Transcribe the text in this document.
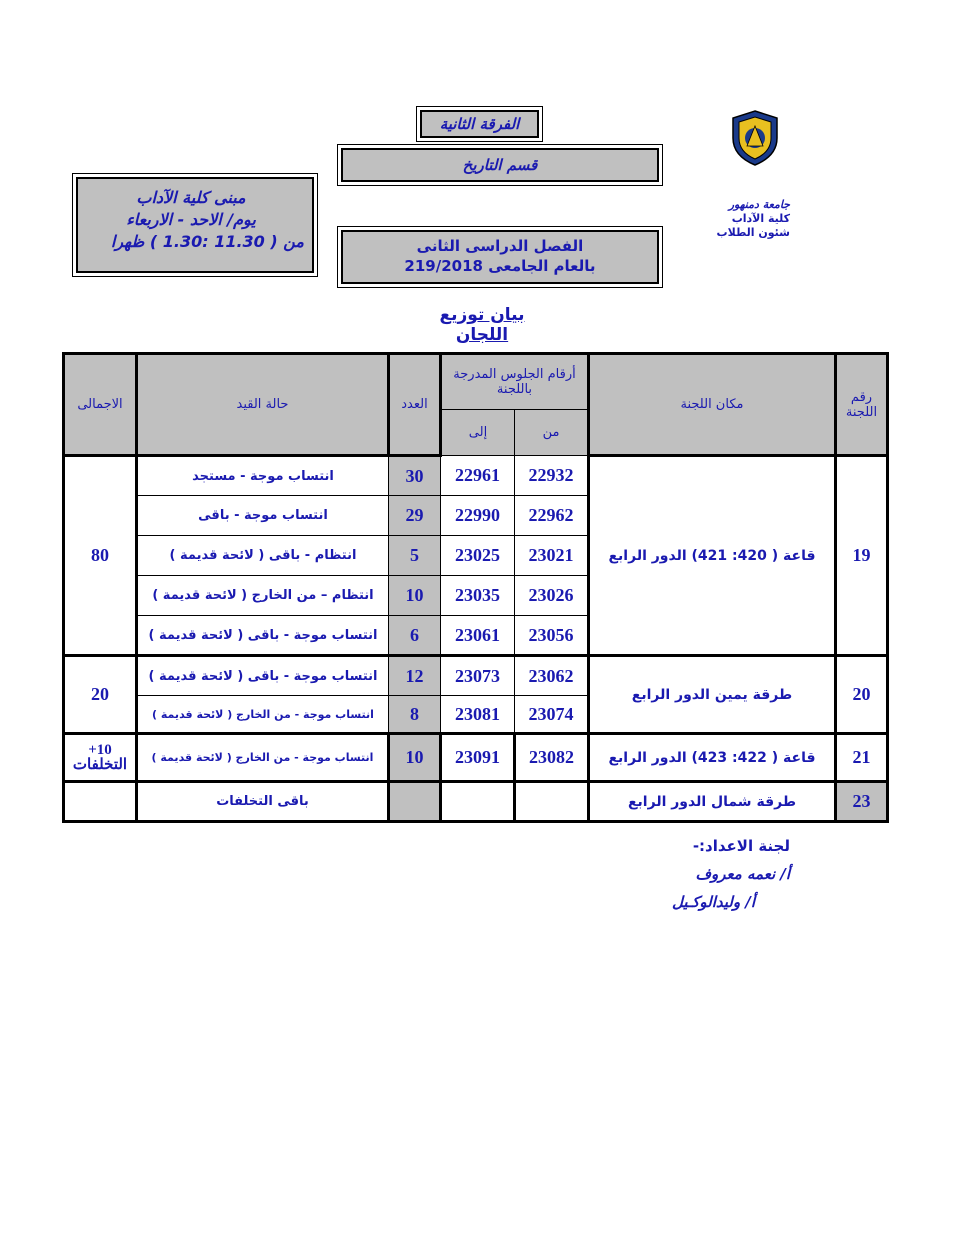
جامعة دمنهور
كلية الآداب
شئون الطلاب
الفرقة الثانية
قسم التاريخ
الفصل الدراسى الثانى
بالعام الجامعى 219/2018
مبنى كلية الآداب
يوم/ الاحد - الاربعاء
من ( 11.30 :1.30 ) ظهرا
بيان توزيع اللجان
رقم اللجنة	مكان اللجنة	أرقام الجلوس المدرجة باللجنة		العدد	حالة القيد	الاجمالى
		من	إلى			
19	قاعة ( 420: 421) الدور الرابع	22932	22961	30	انتساب موجة - مستجد	80
		22962	22990	29	انتساب موجة - باقى	
		23021	23025	5	انتظام - باقى ( لائحة قديمة )	
		23026	23035	10	انتظام – من الخارج ( لائحة قديمة )	
		23056	23061	6	انتساب موجة - باقى ( لائحة قديمة )	
20	طرقة يمين الدور الرابع	23062	23073	12	انتساب موجة - باقى ( لائحة قديمة )	20
		23074	23081	8	انتساب موجة - من الخارج ( لائحة قديمة )	
21	قاعة ( 422: 423) الدور الرابع	23082	23091	10	انتساب موجة - من الخارج ( لائحة قديمة )	10+ التخلفات
23	طرقة شمال الدور الرابع				باقى التخلفات	
لجنة الاعداد:-
أ/ نعمه معروف
أ/ وليدالوكـيل
